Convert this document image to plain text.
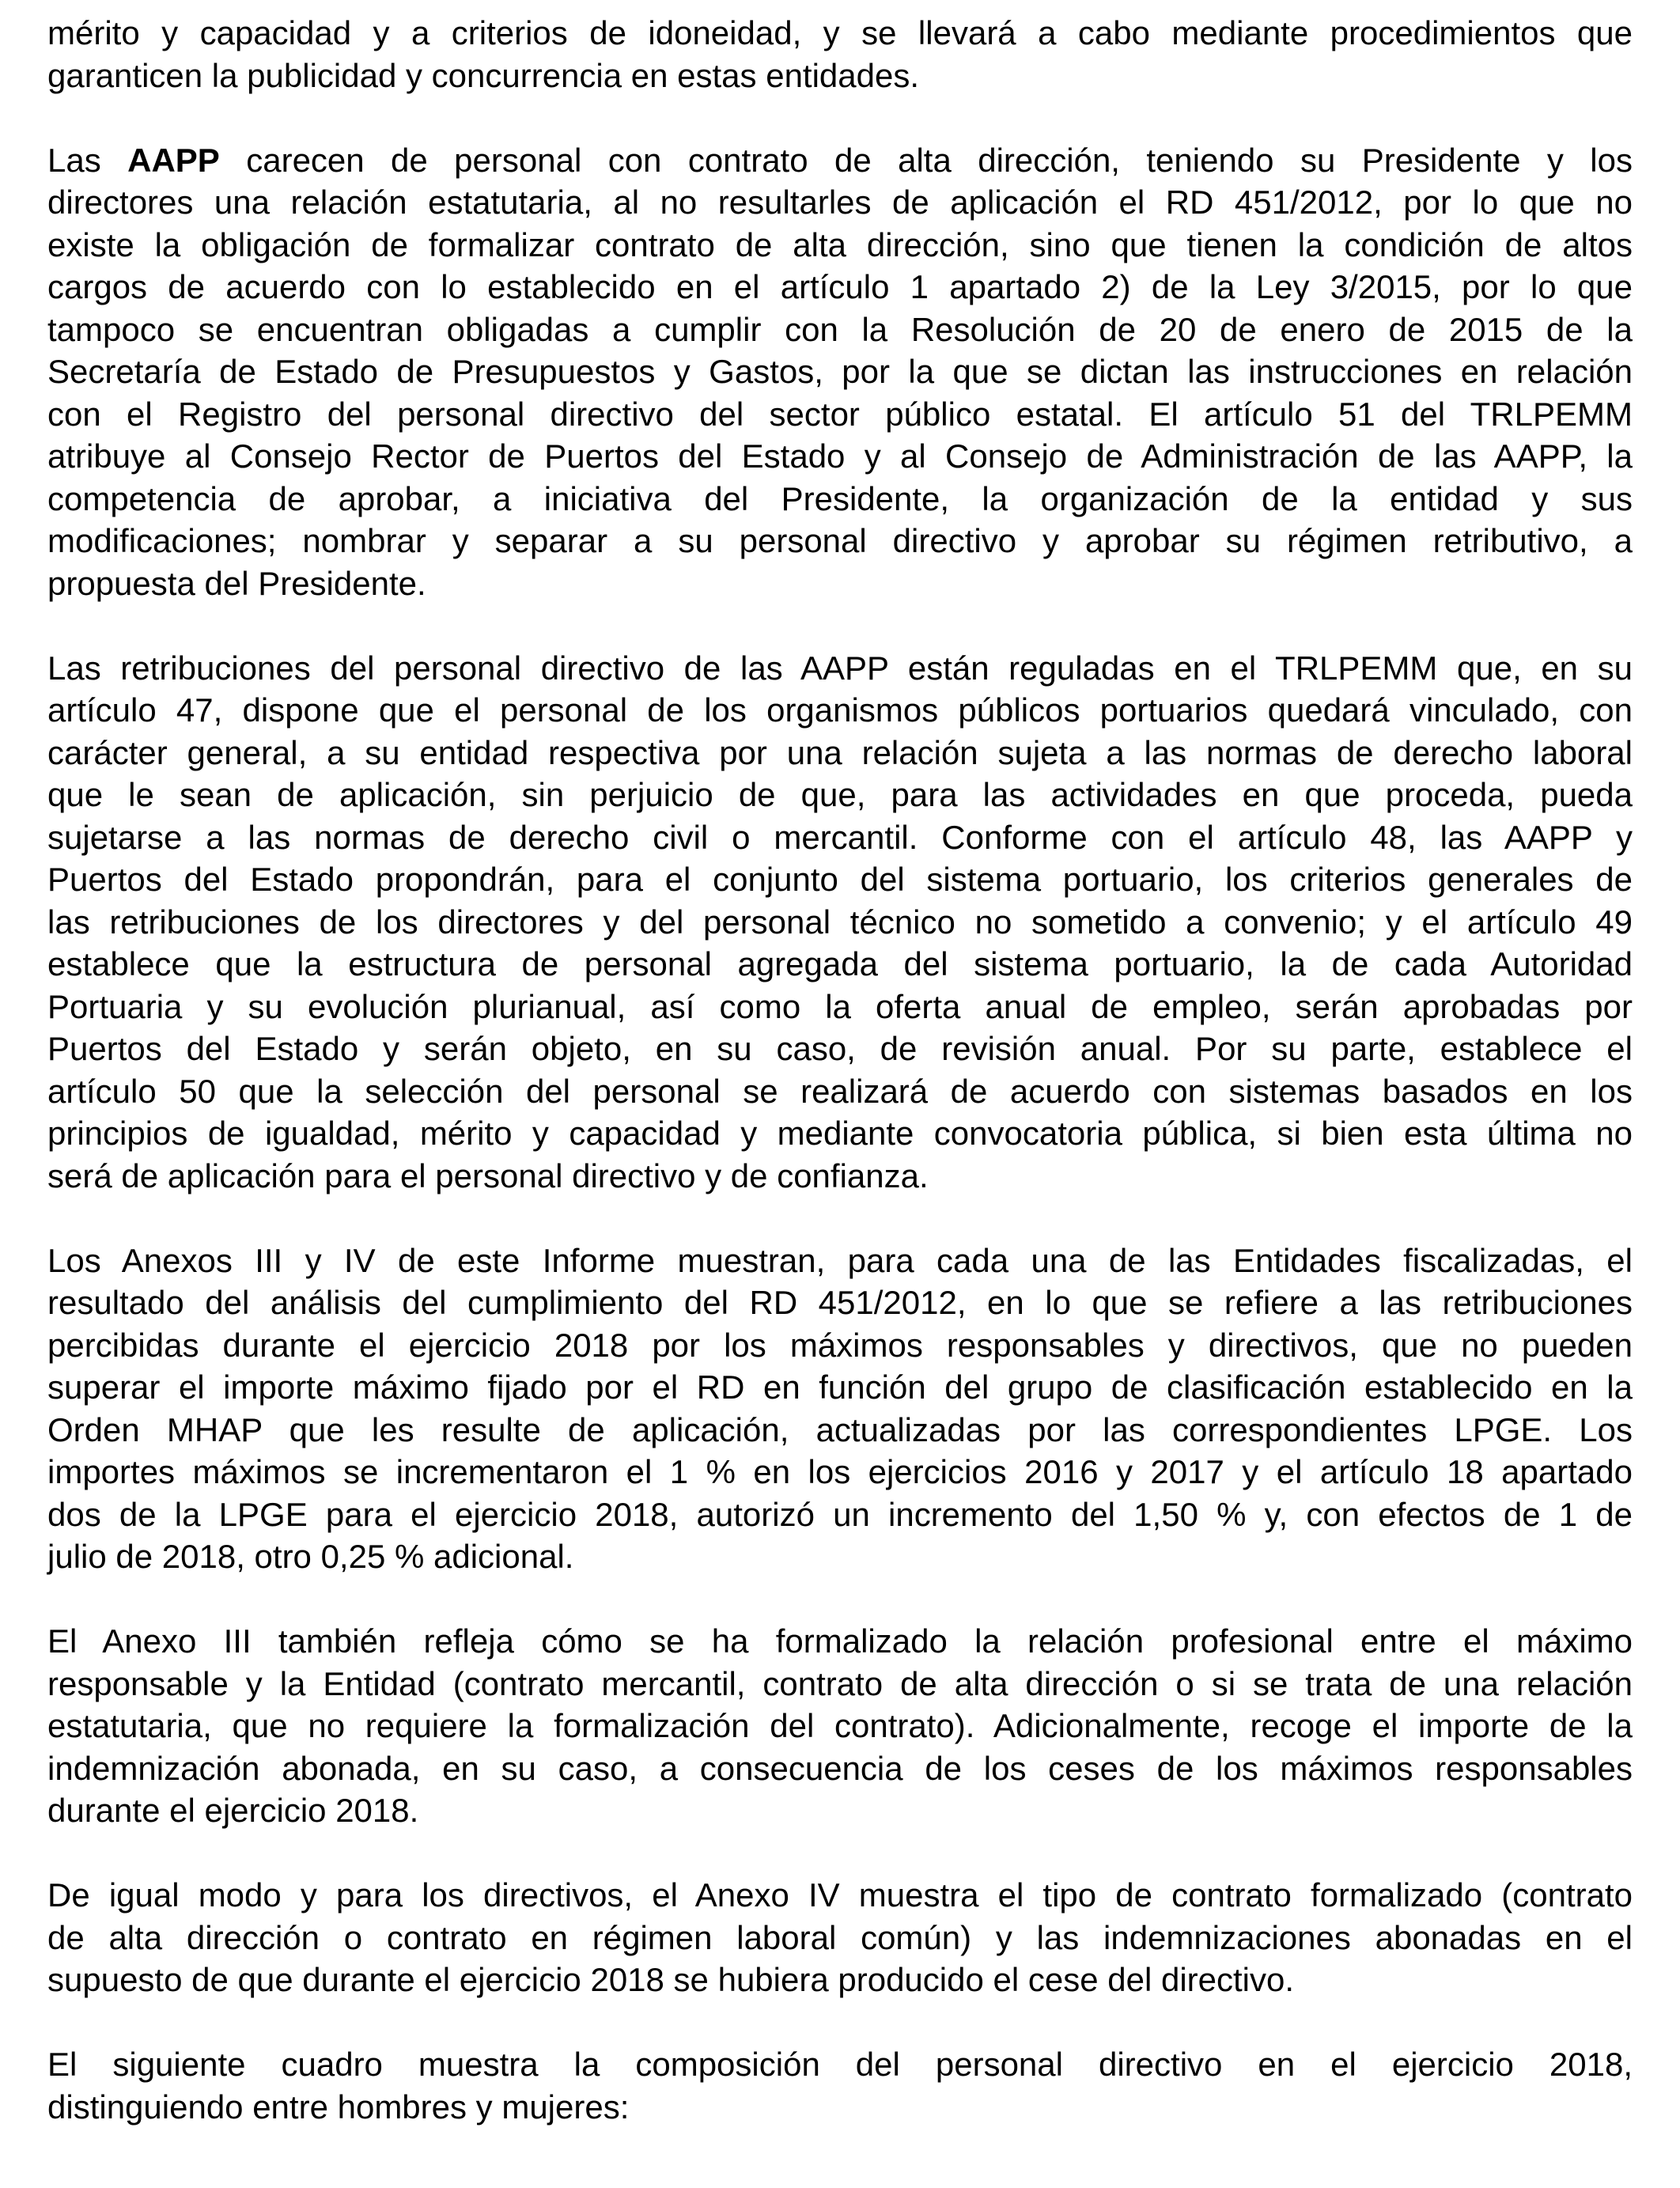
mérito y capacidad y a criterios de idoneidad, y se llevará a cabo mediante procedimientos que
garanticen la publicidad y concurrencia en estas entidades.
Las AAPP carecen de personal con contrato de alta dirección, teniendo su Presidente y los
directores una relación estatutaria, al no resultarles de aplicación el RD 451/2012, por lo que no
existe la obligación de formalizar contrato de alta dirección, sino que tienen la condición de altos
cargos de acuerdo con lo establecido en el artículo 1 apartado 2) de la Ley 3/2015, por lo que
tampoco se encuentran obligadas a cumplir con la Resolución de 20 de enero de 2015 de la
Secretaría de Estado de Presupuestos y Gastos, por la que se dictan las instrucciones en relación
con el Registro del personal directivo del sector público estatal. El artículo 51 del TRLPEMM
atribuye al Consejo Rector de Puertos del Estado y al Consejo de Administración de las AAPP, la
competencia de aprobar, a iniciativa del Presidente, la organización de la entidad y sus
modificaciones; nombrar y separar a su personal directivo y aprobar su régimen retributivo, a
propuesta del Presidente.
Las retribuciones del personal directivo de las AAPP están reguladas en el TRLPEMM que, en su
artículo 47, dispone que el personal de los organismos públicos portuarios quedará vinculado, con
carácter general, a su entidad respectiva por una relación sujeta a las normas de derecho laboral
que le sean de aplicación, sin perjuicio de que, para las actividades en que proceda, pueda
sujetarse a las normas de derecho civil o mercantil. Conforme con el artículo 48, las AAPP y
Puertos del Estado propondrán, para el conjunto del sistema portuario, los criterios generales de
las retribuciones de los directores y del personal técnico no sometido a convenio; y el artículo 49
establece que la estructura de personal agregada del sistema portuario, la de cada Autoridad
Portuaria y su evolución plurianual, así como la oferta anual de empleo, serán aprobadas por
Puertos del Estado y serán objeto, en su caso, de revisión anual. Por su parte, establece el
artículo 50 que la selección del personal se realizará de acuerdo con sistemas basados en los
principios de igualdad, mérito y capacidad y mediante convocatoria pública, si bien esta última no
será de aplicación para el personal directivo y de confianza.
Los Anexos III y IV de este Informe muestran, para cada una de las Entidades fiscalizadas, el
resultado del análisis del cumplimiento del RD 451/2012, en lo que se refiere a las retribuciones
percibidas durante el ejercicio 2018 por los máximos responsables y directivos, que no pueden
superar el importe máximo fijado por el RD en función del grupo de clasificación establecido en la
Orden MHAP que les resulte de aplicación, actualizadas por las correspondientes LPGE. Los
importes máximos se incrementaron el 1 % en los ejercicios 2016 y 2017 y el artículo 18 apartado
dos de la LPGE para el ejercicio 2018, autorizó un incremento del 1,50 % y, con efectos de 1 de
julio de 2018, otro 0,25 % adicional.
El Anexo III también refleja cómo se ha formalizado la relación profesional entre el máximo
responsable y la Entidad (contrato mercantil, contrato de alta dirección o si se trata de una relación
estatutaria, que no requiere la formalización del contrato). Adicionalmente, recoge el importe de la
indemnización abonada, en su caso, a consecuencia de los ceses de los máximos responsables
durante el ejercicio 2018.
De igual modo y para los directivos, el Anexo IV muestra el tipo de contrato formalizado (contrato
de alta dirección o contrato en régimen laboral común) y las indemnizaciones abonadas en el
supuesto de que durante el ejercicio 2018 se hubiera producido el cese del directivo.
El siguiente cuadro muestra la composición del personal directivo en el ejercicio 2018,
distinguiendo entre hombres y mujeres:
